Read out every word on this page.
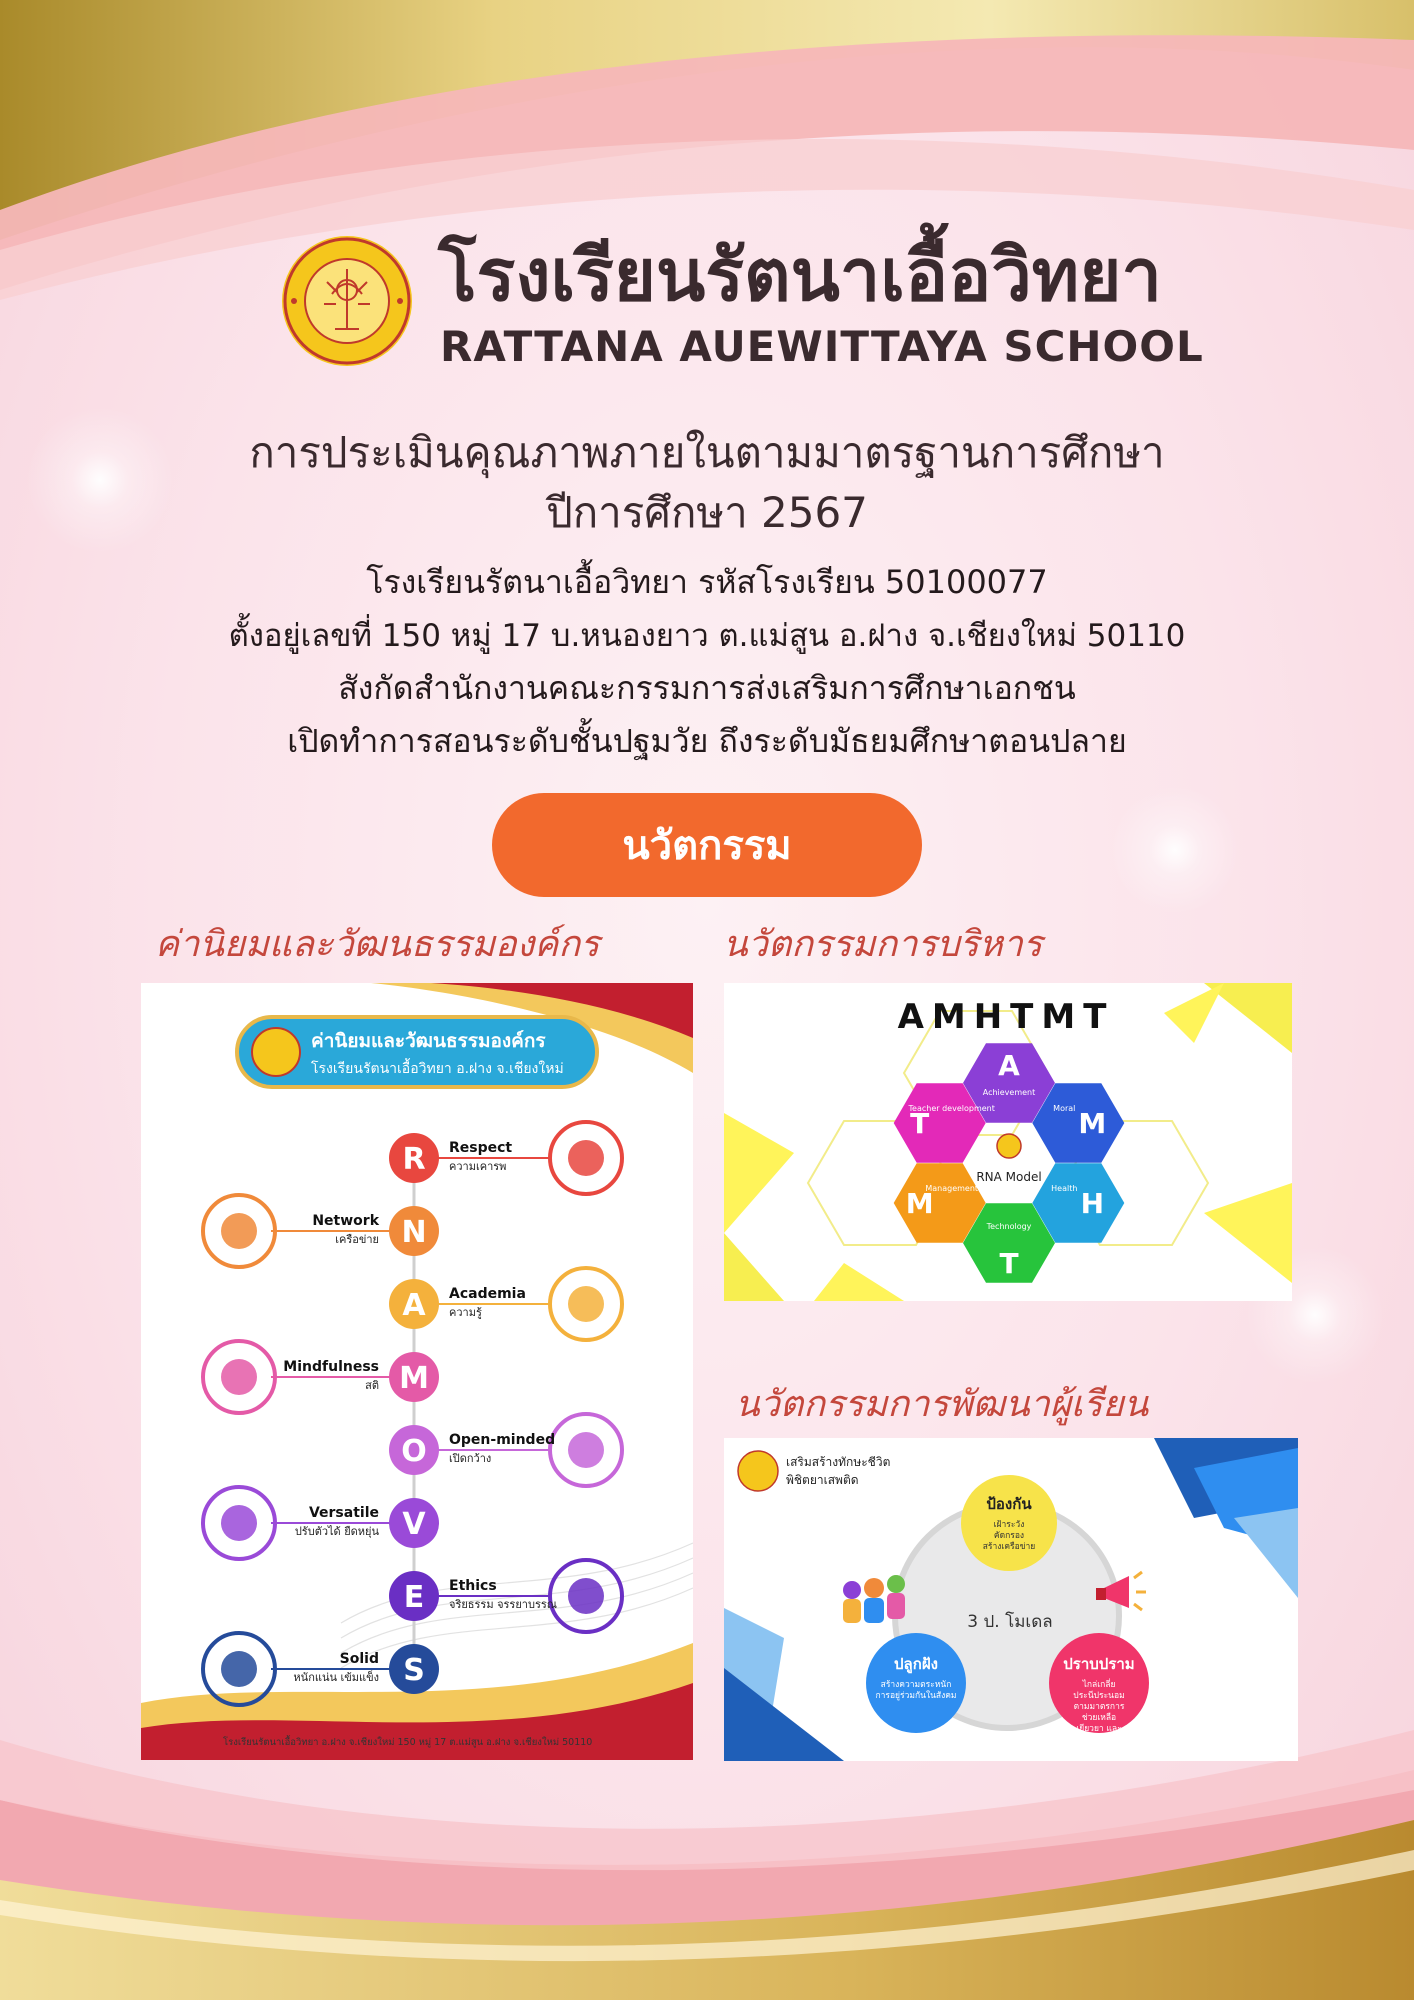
โรงเรียนรัตนาเอื้อวิทยา
RATTANA AUEWITTAYA SCHOOL
การประเมินคุณภาพภายในตามมาตรฐานการศึกษา
ปีการศึกษา 2567
โรงเรียนรัตนาเอื้อวิทยา รหัสโรงเรียน 50100077
ตั้งอยู่เลขที่ 150 หมู่ 17 บ.หนองยาว ต.แม่สูน อ.ฝาง จ.เชียงใหม่ 50110
สังกัดสำนักงานคณะกรรมการส่งเสริมการศึกษาเอกชน
เปิดทำการสอนระดับชั้นปฐมวัย ถึงระดับมัธยมศึกษาตอนปลาย
นวัตกรรม
ค่านิยมและวัฒนธรรมองค์กร	นวัตกรรมการบริหาร
นวัตกรรมการพัฒนาผู้เรียน
ค่านิยมและวัฒนธรรมองค์กร
โรงเรียนรัตนาเอื้อวิทยา อ.ฝาง จ.เชียงใหม่
R Respect
ความเคารพ
N
Network
เครือข่าย
A Academia
ความรู้
M
Mindfulness
สติ
O Open-minded
เปิดกว้าง
V
Versatile
ปรับตัวได้ ยืดหยุ่น
E Ethics
จริยธรรม จรรยาบรรณ
S
Solid
หนักแน่น เข้มแข็ง
โรงเรียนรัตนาเอื้อวิทยา อ.ฝาง จ.เชียงใหม่ 150 หมู่ 17 ต.แม่สูน อ.ฝาง จ.เชียงใหม่ 50110
AMHTMT
A
Achievement
M
Moral
H
Health
T
Technology
M
Management
T
Teacher development
RNA Model
เสริมสร้างทักษะชีวิต
พิชิตยาเสพติด
3 ป. โมเดล
ป้องกัน
เฝ้าระวังคัดกรองสร้างเครือข่าย
ปลูกฝัง
สร้างความตระหนักการอยู่ร่วมกันในสังคม
ปราบปราม
ไกล่เกลี่ยประนีประนอมตามมาตรการช่วยเหลือเยียวยา และฟื้นฟูจิตใจ
